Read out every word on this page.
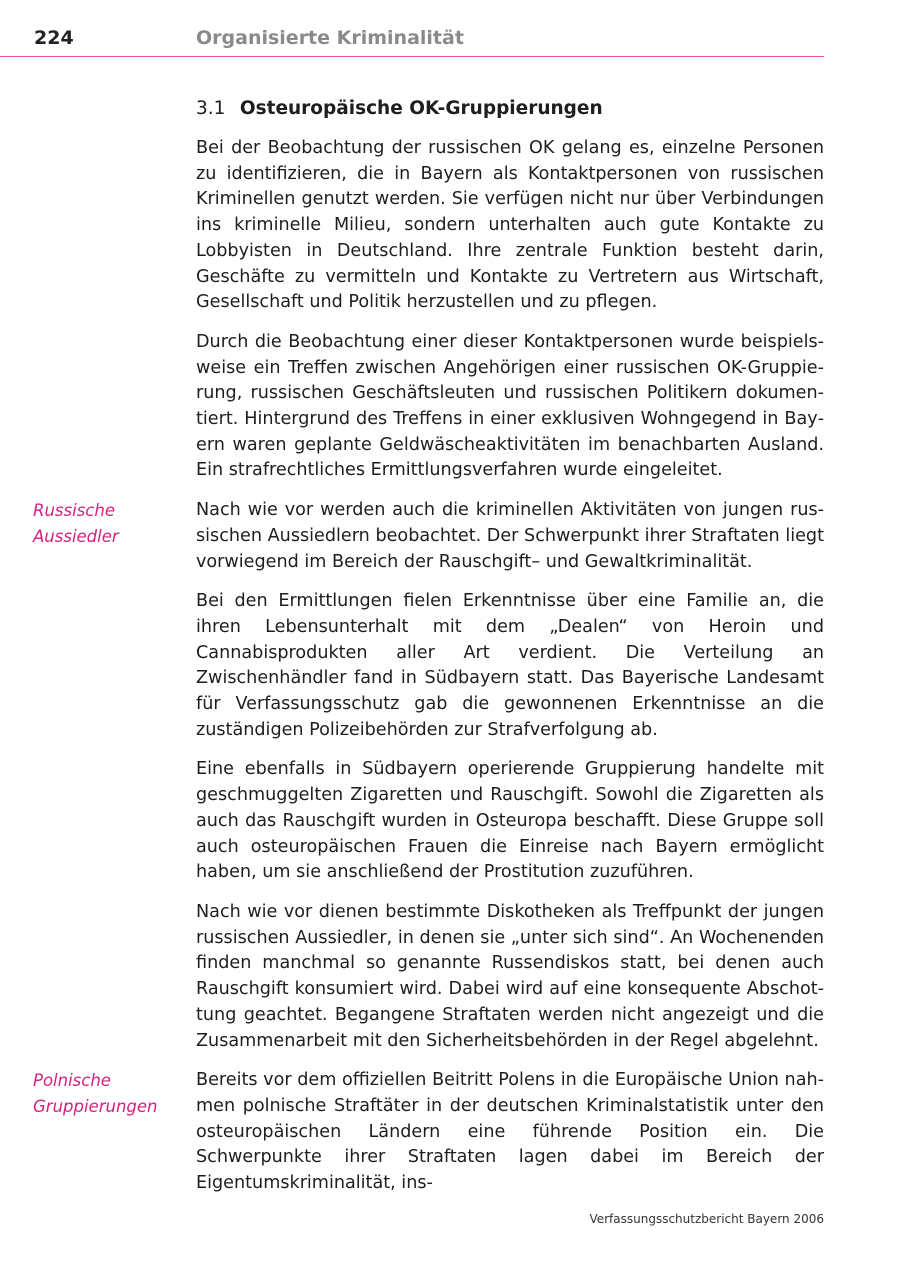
224	Organisierte Kriminalität
3.1 Osteuropäische OK-Gruppierungen

Bei der Beobachtung der russischen OK gelang es, einzelne Personen zu identifizieren, die in Bayern als Kontaktpersonen von russischen Kriminellen genutzt werden. Sie verfügen nicht nur über Verbindungen ins kriminelle Milieu, sondern unterhalten auch gute Kontakte zu Lobbyisten in Deutschland. Ihre zentrale Funktion besteht darin, Geschäfte zu vermitteln und Kontakte zu Vertretern aus Wirtschaft, Gesellschaft und Politik herzustellen und zu pflegen.

Durch die Beobachtung einer dieser Kontaktpersonen wurde beispielsweise ein Treffen zwischen Angehörigen einer russischen OK-Gruppierung, russischen Geschäftsleuten und russischen Politikern dokumentiert. Hintergrund des Treffens in einer exklusiven Wohngegend in Bayern waren geplante Geldwäscheaktivitäten im benachbarten Ausland. Ein strafrechtliches Ermittlungsverfahren wurde eingeleitet.

Russische Aussiedler
Nach wie vor werden auch die kriminellen Aktivitäten von jungen russischen Aussiedlern beobachtet. Der Schwerpunkt ihrer Straftaten liegt vorwiegend im Bereich der Rauschgift– und Gewaltkriminalität.

Bei den Ermittlungen fielen Erkenntnisse über eine Familie an, die ihren Lebensunterhalt mit dem „Dealen“ von Heroin und Cannabisprodukten aller Art verdient. Die Verteilung an Zwischenhändler fand in Südbayern statt. Das Bayerische Landesamt für Verfassungsschutz gab die gewonnenen Erkenntnisse an die zuständigen Polizeibehörden zur Strafverfolgung ab.

Eine ebenfalls in Südbayern operierende Gruppierung handelte mit geschmuggelten Zigaretten und Rauschgift. Sowohl die Zigaretten als auch das Rauschgift wurden in Osteuropa beschafft. Diese Gruppe soll auch osteuropäischen Frauen die Einreise nach Bayern ermöglicht haben, um sie anschließend der Prostitution zuzuführen.

Nach wie vor dienen bestimmte Diskotheken als Treffpunkt der jungen russischen Aussiedler, in denen sie „unter sich sind“. An Wochenenden finden manchmal so genannte Russendiskos statt, bei denen auch Rauschgift konsumiert wird. Dabei wird auf eine konsequente Abschottung geachtet. Begangene Straftaten werden nicht angezeigt und die Zusammenarbeit mit den Sicherheitsbehörden in der Regel abgelehnt.

Polnische Gruppierungen
Bereits vor dem offiziellen Beitritt Polens in die Europäische Union nahmen polnische Straftäter in der deutschen Kriminalstatistik unter den osteuropäischen Ländern eine führende Position ein. Die Schwerpunkte ihrer Straftaten lagen dabei im Bereich der Eigentumskriminalität, ins-

Verfassungsschutzbericht Bayern 2006
